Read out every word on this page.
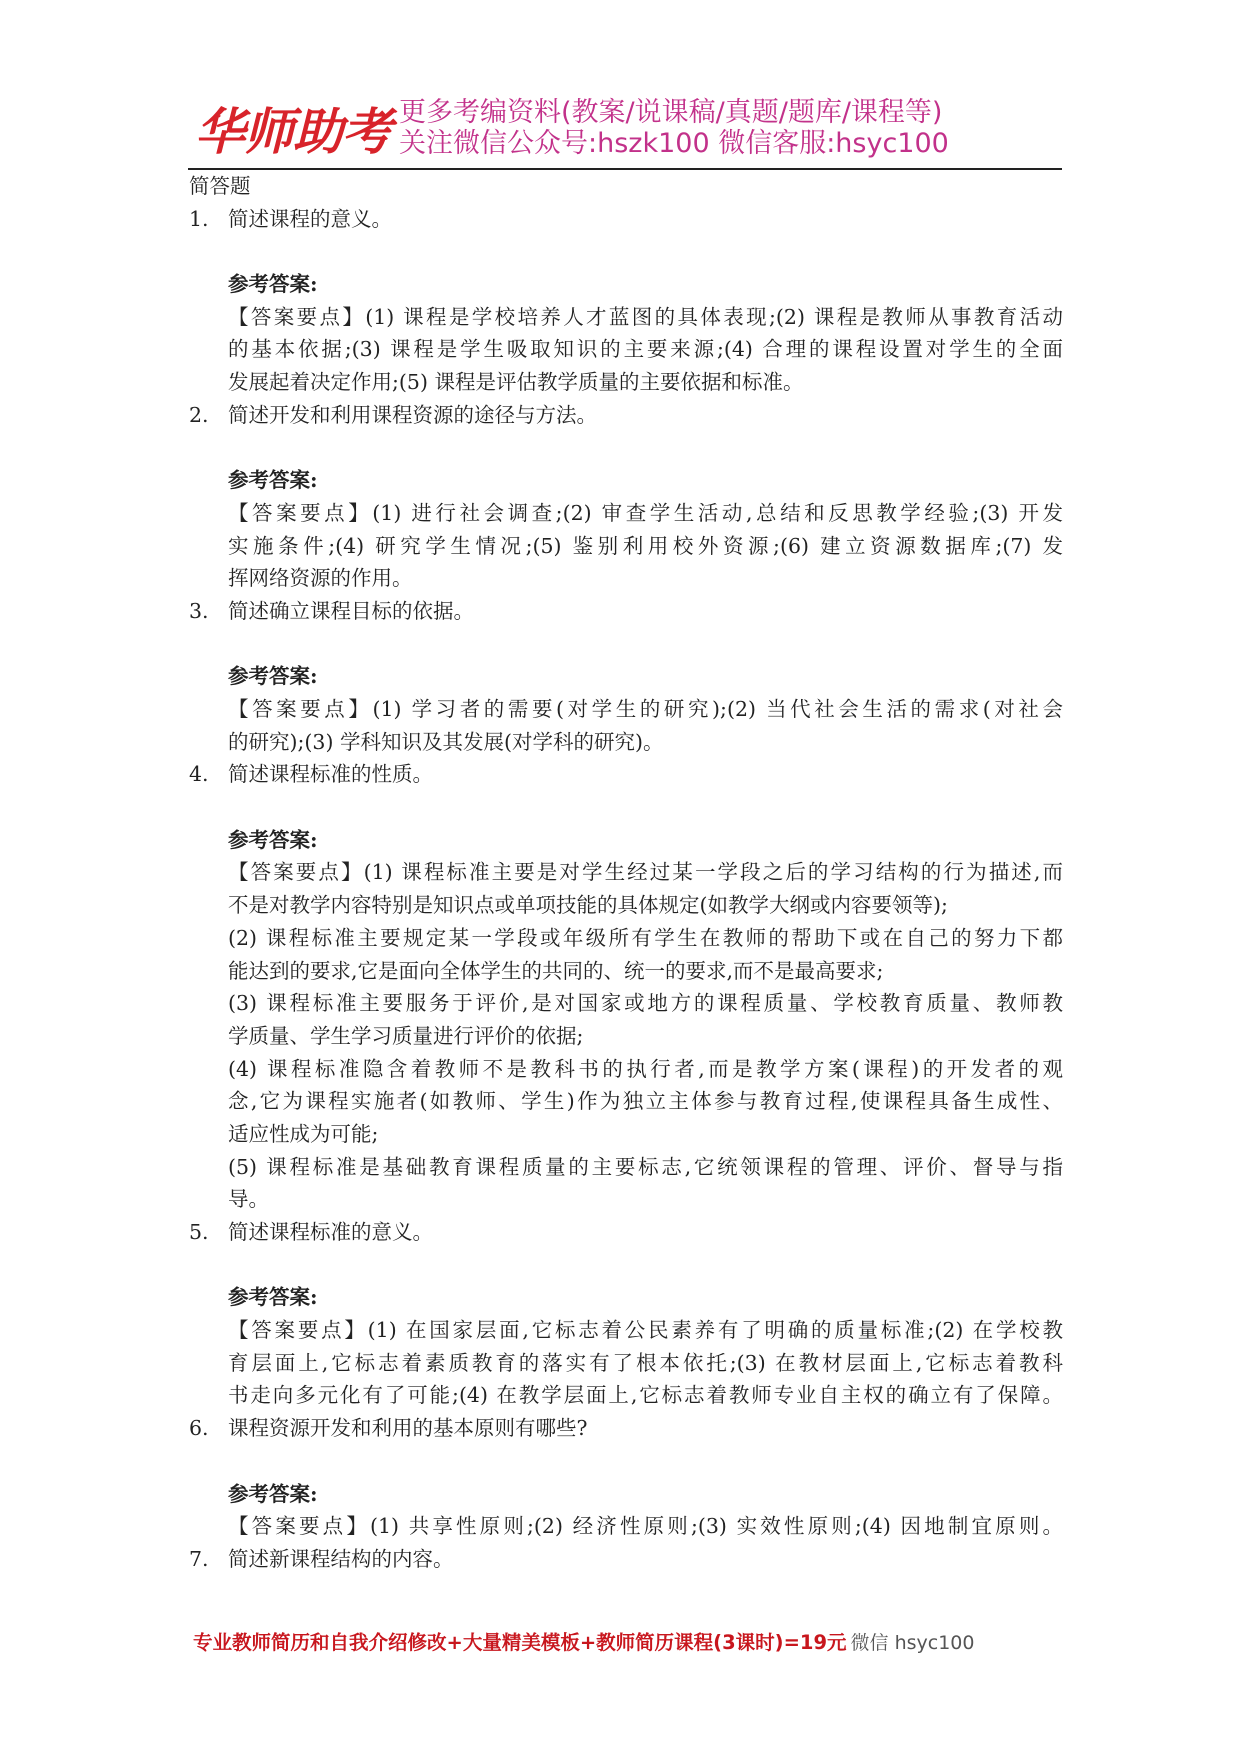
华师助考 更多考编资料(教案/说课稿/真题/题库/课程等)
关注微信公众号:hszk100 微信客服:hsyc100
简答题
1. 简述课程的意义。
参考答案:
【答案要点】(1) 课程是学校培养人才蓝图的具体表现;(2) 课程是教师从事教育活动
的基本依据;(3) 课程是学生吸取知识的主要来源;(4) 合理的课程设置对学生的全面
发展起着决定作用;(5) 课程是评估教学质量的主要依据和标准。
2. 简述开发和利用课程资源的途径与方法。
参考答案:
【答案要点】(1) 进行社会调查;(2) 审查学生活动,总结和反思教学经验;(3) 开发
实施条件;(4) 研究学生情况;(5) 鉴别利用校外资源;(6) 建立资源数据库;(7) 发
挥网络资源的作用。
3. 简述确立课程目标的依据。
参考答案:
【答案要点】(1) 学习者的需要(对学生的研究);(2) 当代社会生活的需求(对社会
的研究);(3) 学科知识及其发展(对学科的研究)。
4. 简述课程标准的性质。
参考答案:
【答案要点】(1) 课程标准主要是对学生经过某一学段之后的学习结构的行为描述,而
不是对教学内容特别是知识点或单项技能的具体规定(如教学大纲或内容要领等);
(2) 课程标准主要规定某一学段或年级所有学生在教师的帮助下或在自己的努力下都
能达到的要求,它是面向全体学生的共同的、统一的要求,而不是最高要求;
(3) 课程标准主要服务于评价,是对国家或地方的课程质量、学校教育质量、教师教
学质量、学生学习质量进行评价的依据;
(4) 课程标准隐含着教师不是教科书的执行者,而是教学方案(课程)的开发者的观
念,它为课程实施者(如教师、学生)作为独立主体参与教育过程,使课程具备生成性、
适应性成为可能;
(5) 课程标准是基础教育课程质量的主要标志,它统领课程的管理、评价、督导与指
导。
5. 简述课程标准的意义。
参考答案:
【答案要点】(1) 在国家层面,它标志着公民素养有了明确的质量标准;(2) 在学校教
育层面上,它标志着素质教育的落实有了根本依托;(3) 在教材层面上,它标志着教科
书走向多元化有了可能;(4) 在教学层面上,它标志着教师专业自主权的确立有了保障。
6. 课程资源开发和利用的基本原则有哪些?
参考答案:
【答案要点】(1) 共享性原则;(2) 经济性原则;(3) 实效性原则;(4) 因地制宜原则。
7. 简述新课程结构的内容。
专业教师简历和自我介绍修改+大量精美模板+教师简历课程(3课时)=19元 微信 hsyc100
